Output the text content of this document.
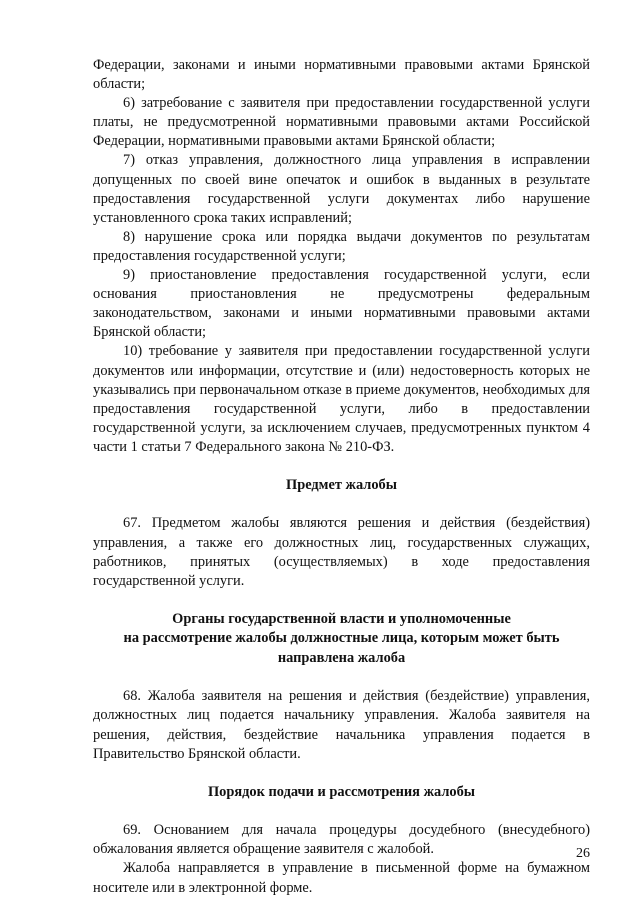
Федерации, законами и иными нормативными правовыми актами Брянской области;

6) затребование с заявителя при предоставлении государственной услуги платы, не предусмотренной нормативными правовыми актами Российской Федерации, нормативными правовыми актами Брянской области;

7) отказ управления, должностного лица управления в исправлении допущенных по своей вине опечаток и ошибок в выданных в результате предоставления государственной услуги документах либо нарушение установленного срока таких исправлений;

8) нарушение срока или порядка выдачи документов по результатам предоставления государственной услуги;

9) приостановление предоставления государственной услуги, если основания приостановления не предусмотрены федеральным законодательством, законами и иными нормативными правовыми актами Брянской области;

10) требование у заявителя при предоставлении государственной услуги документов или информации, отсутствие и (или) недостоверность которых не указывались при первоначальном отказе в приеме документов, необходимых для предоставления государственной услуги, либо в предоставлении государственной услуги, за исключением случаев, предусмотренных пунктом 4 части 1 статьи 7 Федерального закона № 210-ФЗ.

Предмет жалобы

67. Предметом жалобы являются решения и действия (бездействия) управления, а также его должностных лиц, государственных служащих, работников, принятых (осуществляемых) в ходе предоставления государственной услуги.

Органы государственной власти и уполномоченные
на рассмотрение жалобы должностные лица, которым может быть
направлена жалоба

68. Жалоба заявителя на решения и действия (бездействие) управления, должностных лиц подается начальнику управления. Жалоба заявителя на решения, действия, бездействие начальника управления подается в Правительство Брянской области.

Порядок подачи и рассмотрения жалобы

69. Основанием для начала процедуры досудебного (внесудебного) обжалования является обращение заявителя с жалобой.

Жалоба направляется в управление в письменной форме на бумажном носителе или в электронной форме.

26
